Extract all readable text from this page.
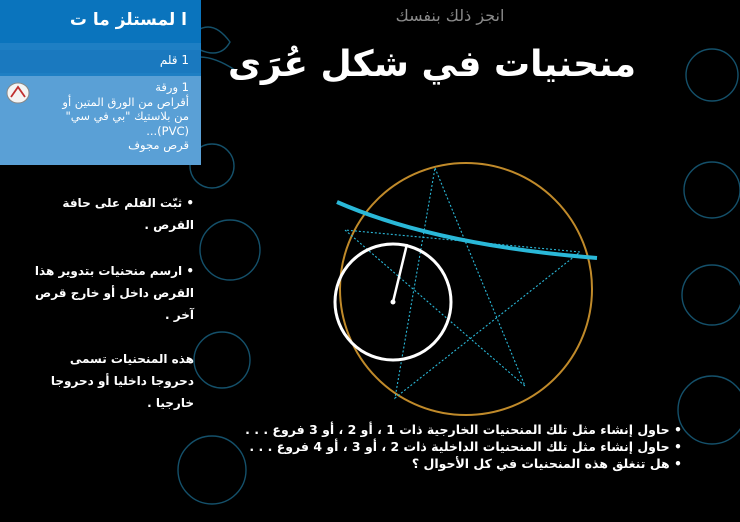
ا لمستلز ما ت
1 قلم
1 ورقة
أقراص من الورق المتين أو
من بلاستيك "بي في سي"
(PVC)...
قرص مجوف
• ثبّت القلم على حافة
القرص .
• ارسم منحنيات بتدوير هذا
القرص داخل أو خارج قرص
آخر .
هذه المنحنيات تسمى
دحروجا داخليا أو دحروجا
خارجيا .
انجز ذلك بنفسك
منحنيات في شكل عُرَى
• حاول إنشاء مثل تلك المنحنيات الخارجية ذات 1 ، أو 2 ، أو 3 فروع . . .
• حاول إنشاء مثل تلك المنحنيات الداخلية ذات 2 ، أو 3 ، أو 4 فروع . . .
• هل تنغلق هذه المنحنيات في كل الأحوال ؟
